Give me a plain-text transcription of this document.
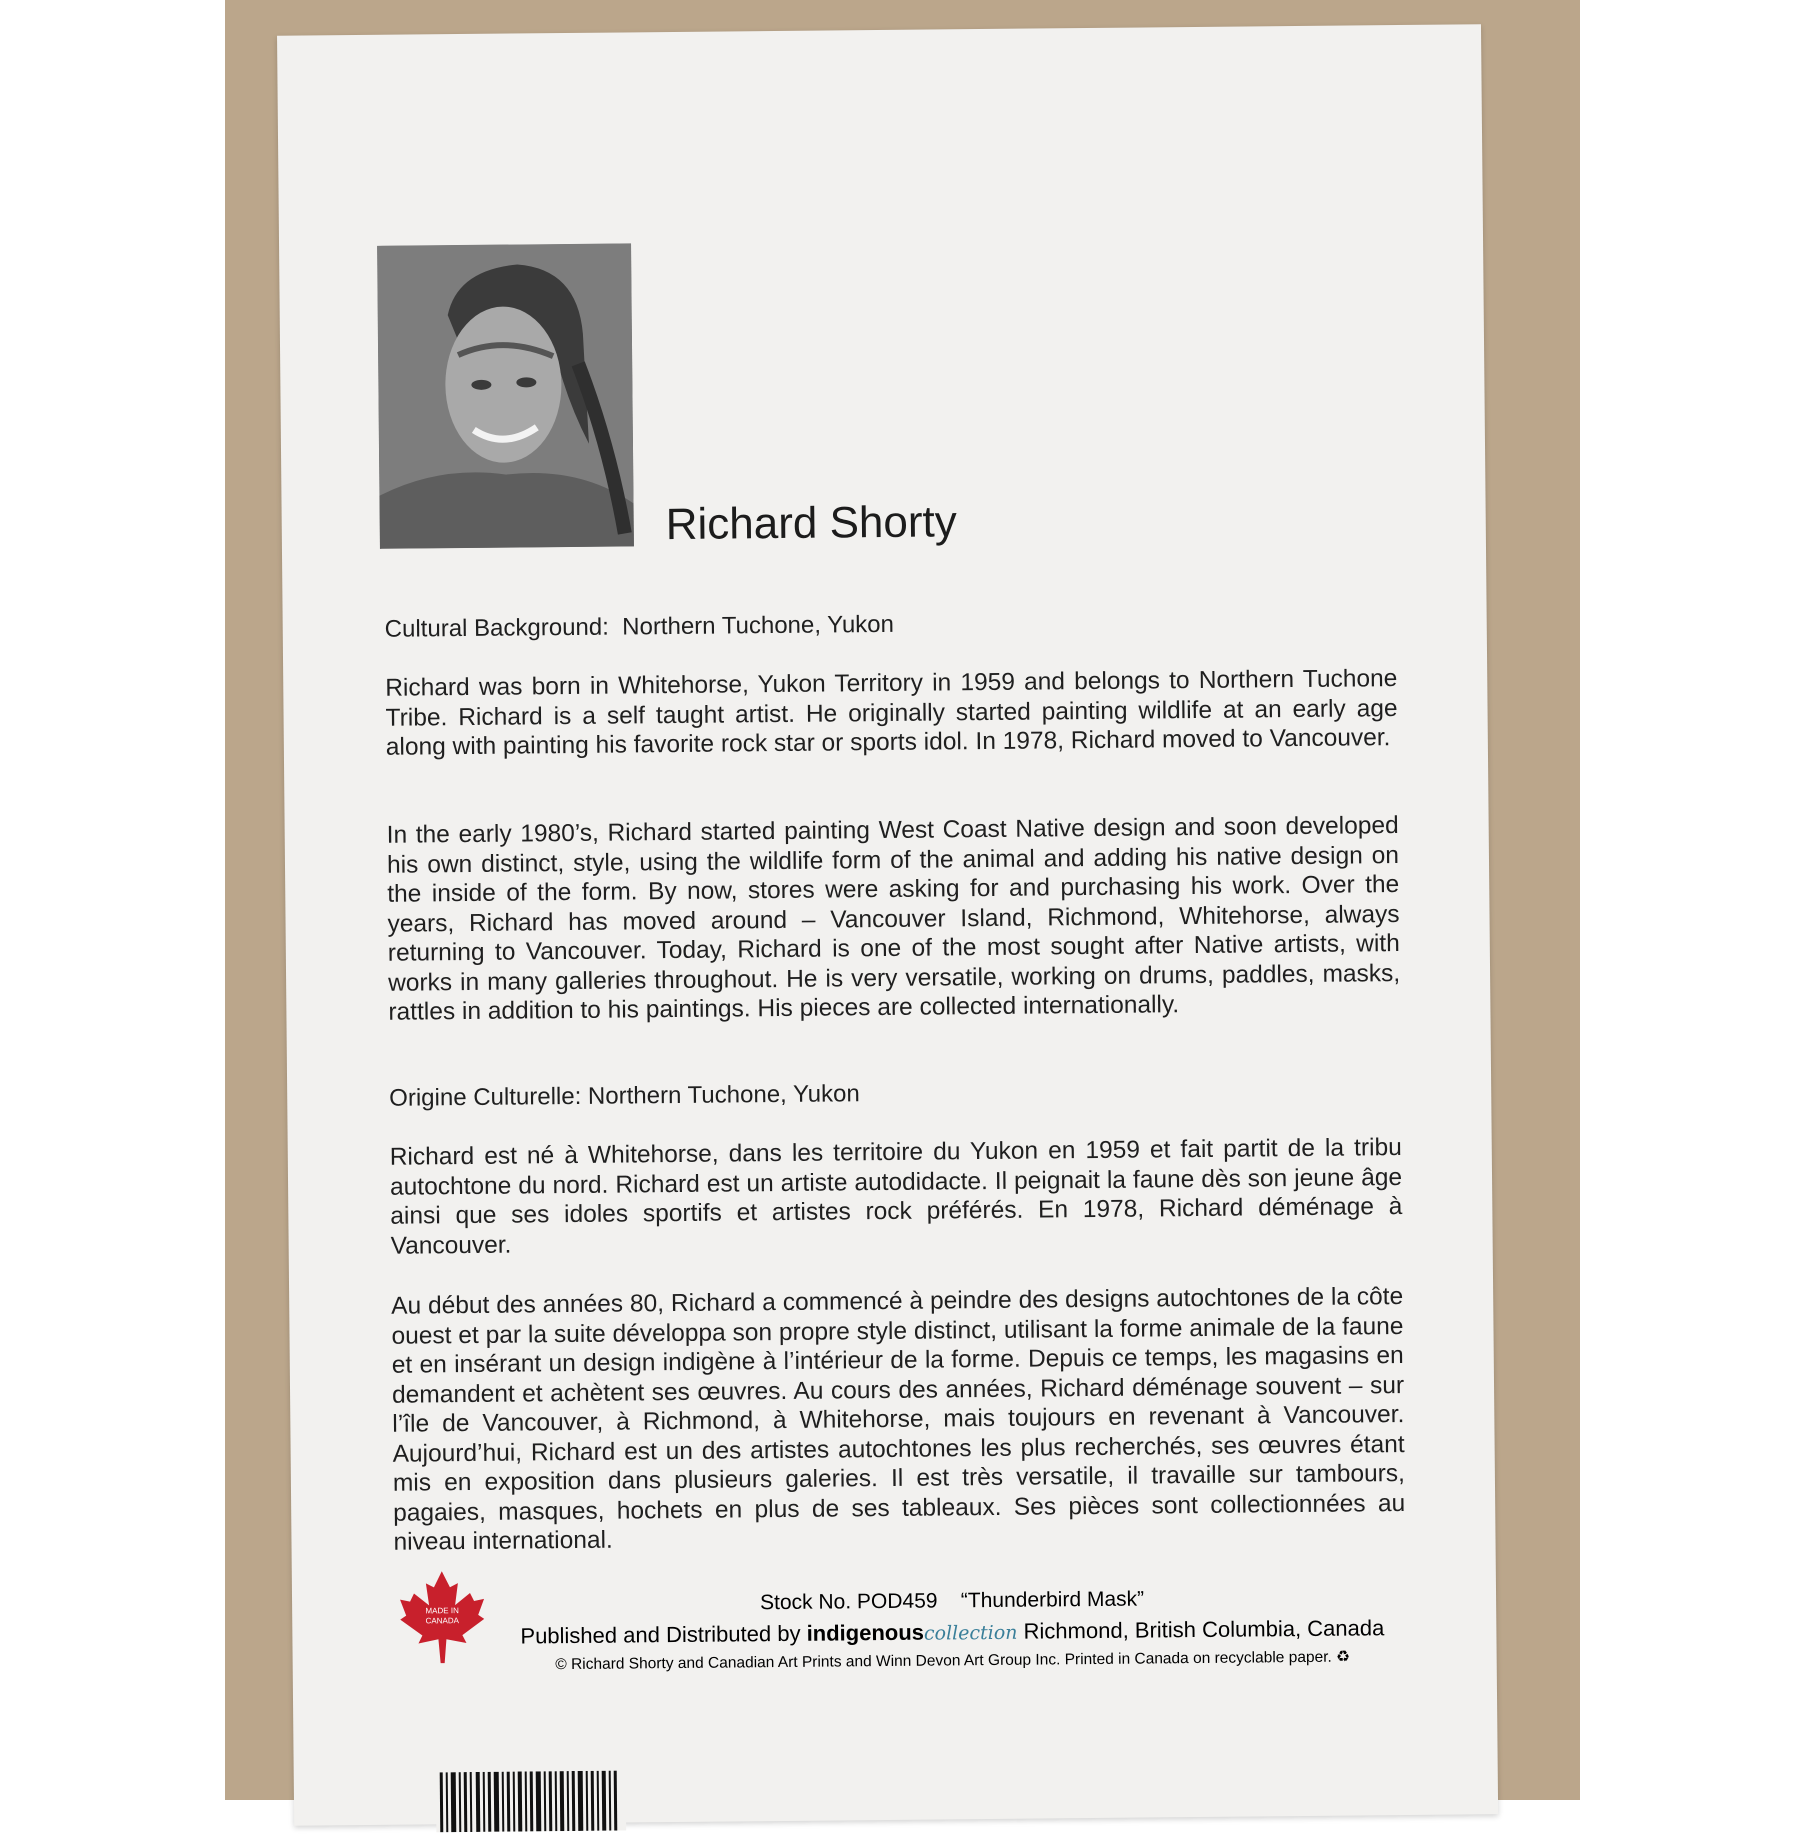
Richard Shorty
Cultural Background: Northern Tuchone, Yukon

Richard was born in Whitehorse, Yukon Territory in 1959 and belongs to Northern Tuchone Tribe. Richard is a self taught artist. He originally started painting wildlife at an early age along with painting his favorite rock star or sports idol. In 1978, Richard moved to Vancouver.

In the early 1980’s, Richard started painting West Coast Native design and soon developed his own distinct, style, using the wildlife form of the animal and adding his native design on the inside of the form. By now, stores were asking for and purchasing his work. Over the years, Richard has moved around – Vancouver Island, Richmond, Whitehorse, always returning to Vancouver. Today, Richard is one of the most sought after Native artists, with works in many galleries throughout. He is very versatile, working on drums, paddles, masks, rattles in addition to his paintings. His pieces are collected internationally.

Origine Culturelle: Northern Tuchone, Yukon

Richard est né à Whitehorse, dans les territoire du Yukon en 1959 et fait partit de la tribu autochtone du nord. Richard est un artiste autodidacte. Il peignait la faune dès son jeune âge ainsi que ses idoles sportifs et artistes rock préférés. En 1978, Richard déménage à Vancouver.

Au début des années 80, Richard a commencé à peindre des designs autochtones de la côte ouest et par la suite développa son propre style distinct, utilisant la forme animale de la faune et en insérant un design indigène à l’intérieur de la forme. Depuis ce temps, les magasins en demandent et achètent ses œuvres. Au cours des années, Richard déménage souvent – sur l’île de Vancouver, à Richmond, à Whitehorse, mais toujours en revenant à Vancouver. Aujourd’hui, Richard est un des artistes autochtones les plus recherchés, ses œuvres étant mis en exposition dans plusieurs galeries. Il est très versatile, il travaille sur tambours, pagaies, masques, hochets en plus de ses tableaux. Ses pièces sont collectionnées au niveau international.

MADE IN
CANADA
Stock No. POD459 “Thunderbird Mask”
Published and Distributed by indigenouscollection Richmond, British Columbia, Canada
© Richard Shorty and Canadian Art Prints and Winn Devon Art Group Inc. Printed in Canada on recyclable paper. ♻
